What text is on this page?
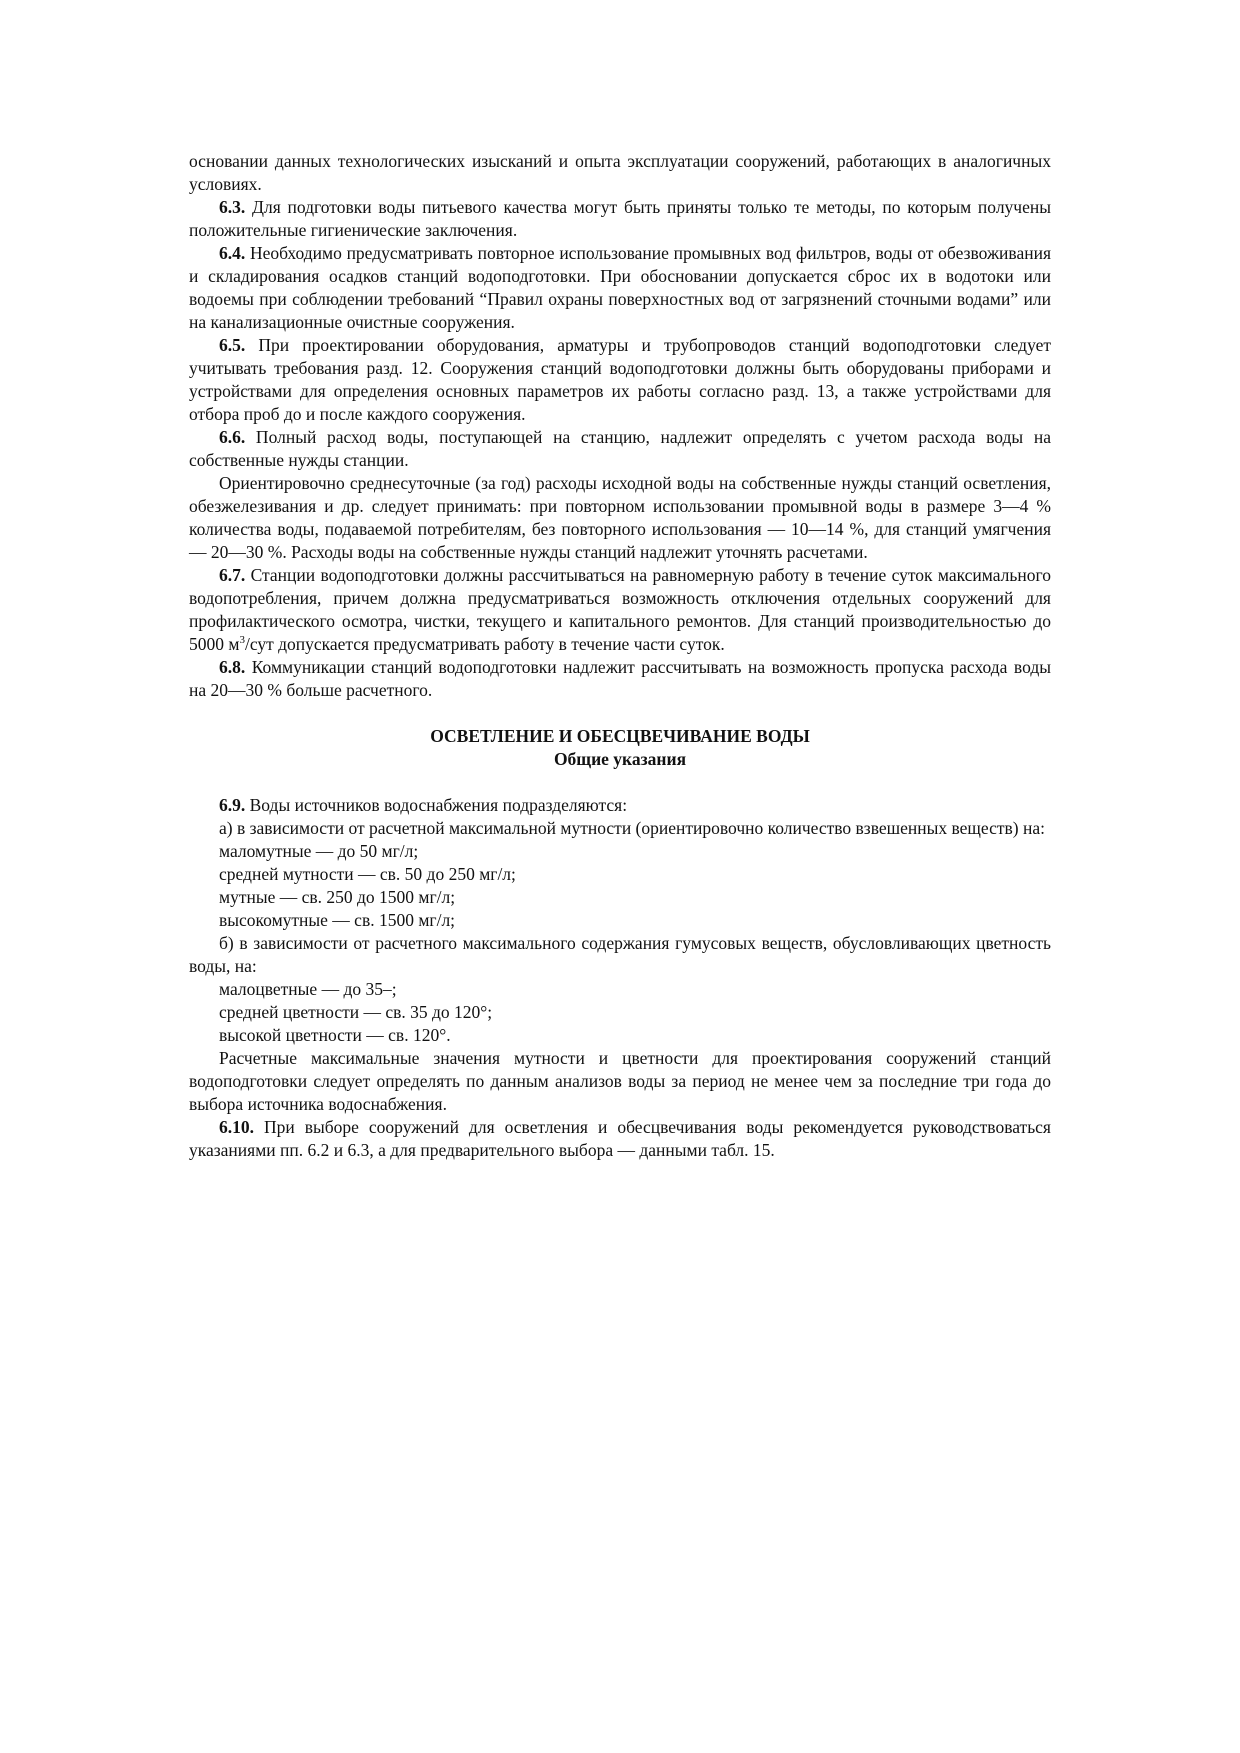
основании данных технологических изысканий и опыта эксплуатации сооружений, работающих в аналогичных условиях.

6.3. Для подготовки воды питьевого качества могут быть приняты только те методы, по которым получены положительные гигиенические заключения.

6.4. Необходимо предусматривать повторное использование промывных вод фильтров, воды от обезвоживания и складирования осадков станций водоподготовки. При обосновании допускается сброс их в водотоки или водоемы при соблюдении требований “Правил охраны поверхностных вод от загрязнений сточными водами” или на канализационные очистные сооружения.

6.5. При проектировании оборудования, арматуры и трубопроводов станций водоподготовки следует учитывать требования разд. 12. Сооружения станций водоподготовки должны быть оборудованы приборами и устройствами для определения основных параметров их работы согласно разд. 13, а также устройствами для отбора проб до и после каждого сооружения.

6.6. Полный расход воды, поступающей на станцию, надлежит определять с учетом расхода воды на собственные нужды станции.

Ориентировочно среднесуточные (за год) расходы исходной воды на собственные нужды станций осветления, обезжелезивания и др. следует принимать: при повторном использовании промывной воды в размере 3—4 % количества воды, подаваемой потребителям, без повторного использования — 10—14 %, для станций умягчения — 20—30 %. Расходы воды на собственные нужды станций надлежит уточнять расчетами.

6.7. Станции водоподготовки должны рассчитываться на равномерную работу в течение суток максимального водопотребления, причем должна предусматриваться возможность отключения отдельных сооружений для профилактического осмотра, чистки, текущего и капитального ремонтов. Для станций производительностью до 5000 $м^3$/сут допускается предусматривать работу в течение части суток.

6.8. Коммуникации станций водоподготовки надлежит рассчитывать на возможность пропуска расхода воды на 20—30 % больше расчетного.

ОСВЕТЛЕНИЕ И ОБЕСЦВЕЧИВАНИЕ ВОДЫ

Общие указания

6.9. Воды источников водоснабжения подразделяются:

а) в зависимости от расчетной максимальной мутности (ориентировочно количество взвешенных веществ) на:

маломутные — до 50 мг/л;

средней мутности — св. 50 до 250 мг/л;

мутные — св. 250 до 1500 мг/л;

высокомутные — св. 1500 мг/л;

б) в зависимости от расчетного максимального содержания гумусовых веществ, обусловливающих цветность воды, на:

малоцветные — до 35–;

средней цветности — св. 35 до 120°;

высокой цветности — св. 120°.

Расчетные максимальные значения мутности и цветности для проектирования сооружений станций водоподготовки следует определять по данным анализов воды за период не менее чем за последние три года до выбора источника водоснабжения.

6.10. При выборе сооружений для осветления и обесцвечивания воды рекомендуется руководствоваться указаниями пп. 6.2 и 6.3, а для предварительного выбора — данными табл. 15.
